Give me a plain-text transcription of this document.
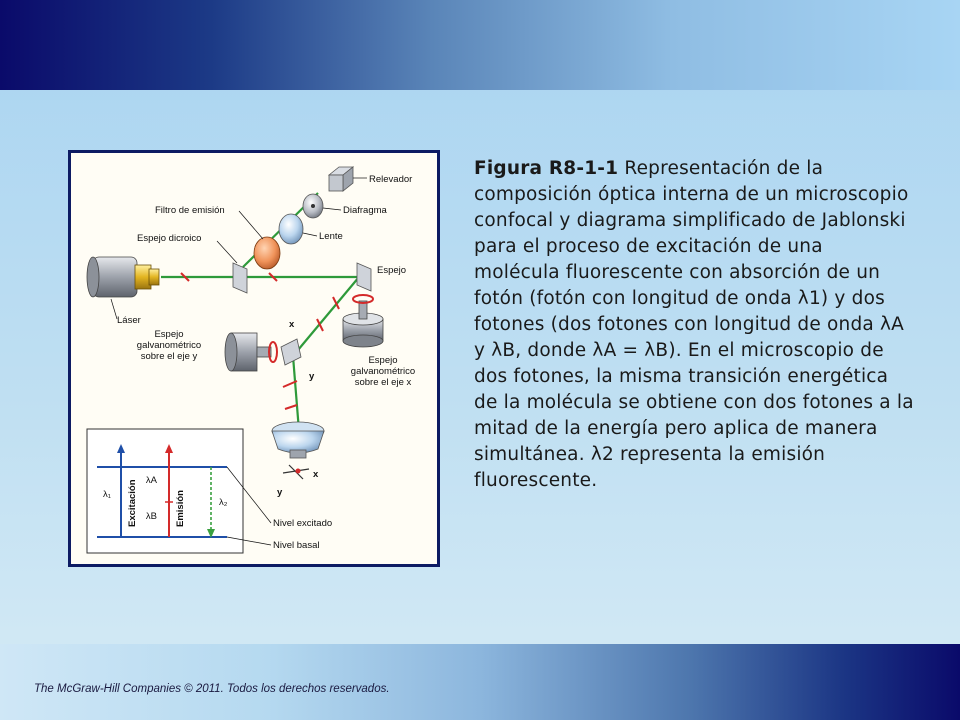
Relevador
Diafragma
Lente
Filtro de emisión
Espejo dicroico
Espejo
Láser
Espejo
galvanométrico
sobre el eje y	Espejo
galvanométrico
sobre el eje x
x
y
x
y
λ₁
λA
λB
λ₂
Excitación	Emisión	Nivel excitado
Nivel basal
Figura R8-1-1 Representación de la composición óptica interna de un microscopio confocal y diagrama simplificado de Jablonski para el proceso de excitación de una molécula fluorescente con absorción de un fotón (fotón con longitud de onda λ1) y dos fotones (dos fotones con longitud de onda λA y λB, donde λA = λB). En el microscopio de dos fotones, la misma transición energética de la molécula se obtiene con dos fotones a la mitad de la energía pero aplica de manera simultánea. λ2 representa la emisión fluorescente.
The McGraw-Hill Companies © 2011. Todos los derechos reservados.
